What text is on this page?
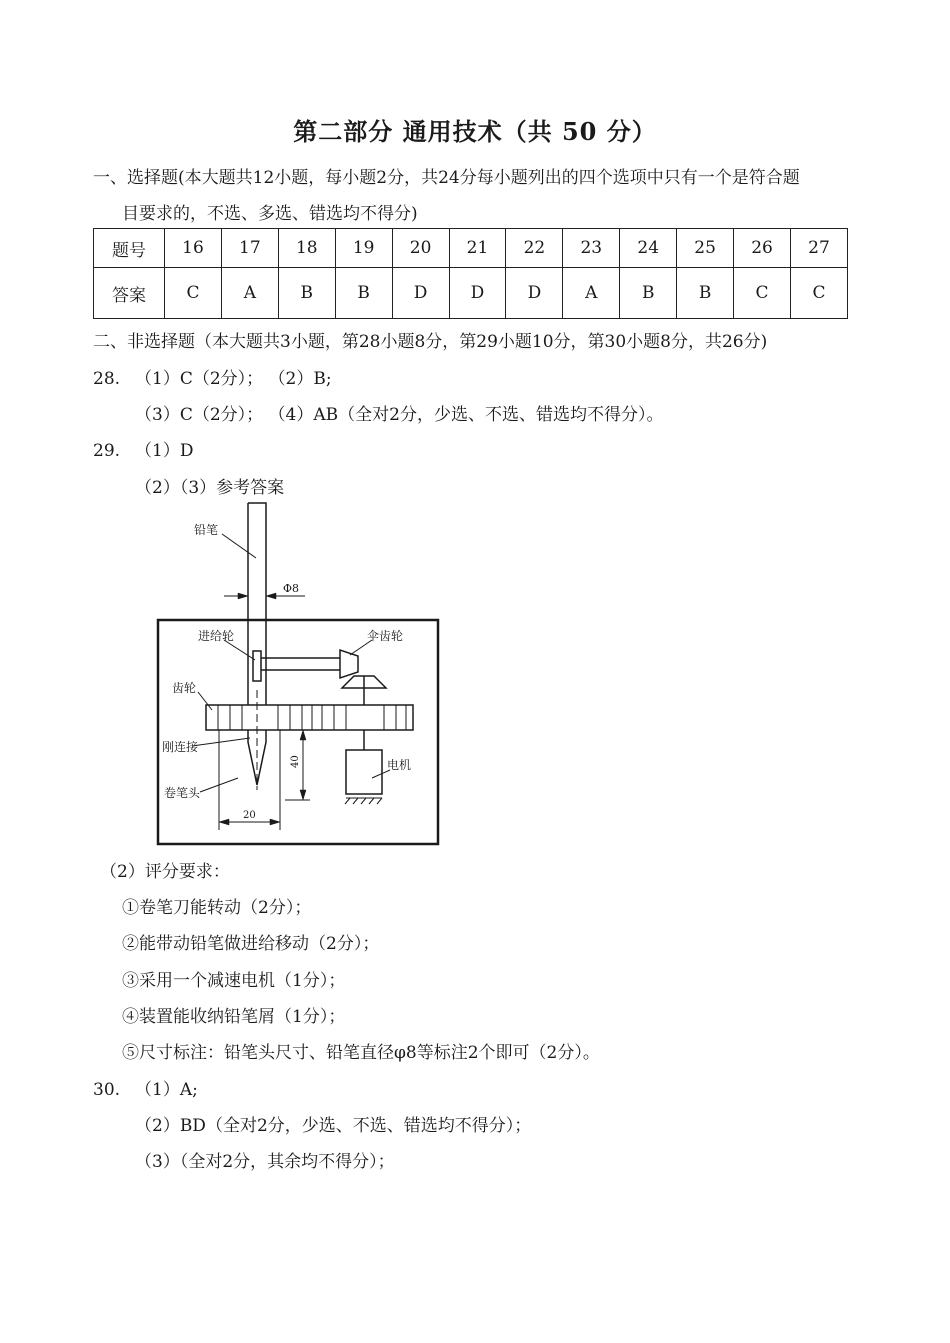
第二部分 通用技术（共 50 分）
一、选择题(本大题共12小题，每小题2分，共24分每小题列出的四个选项中只有一个是符合题
目要求的，不选、多选、错选均不得分)
题号	16	17	18	19	20	21	22	23	24	25	26	27
答案	C	A	B	B	D	D	D	A	B	B	C	C
二、非选择题（本大题共3小题，第28小题8分，第29小题10分，第30小题8分，共26分)
28. （1）C（2分）； （2）B;
（3）C（2分）； （4）AB（全对2分，少选、不选、错选均不得分）。
29. （1）D
（2）（3）参考答案
铅笔
Φ8
进给轮	伞齿轮
齿轮
刚连接
卷笔头
电机
40
20
（2）评分要求：
①卷笔刀能转动（2分）；
②能带动铅笔做进给移动（2分）；
③采用一个减速电机（1分）；
④装置能收纳铅笔屑（1分）；
⑤尺寸标注：铅笔头尺寸、铅笔直径φ8等标注2个即可（2分）。
30. （1）A;
（2）BD（全对2分，少选、不选、错选均不得分）；
（3）（全对2分，其余均不得分）；
